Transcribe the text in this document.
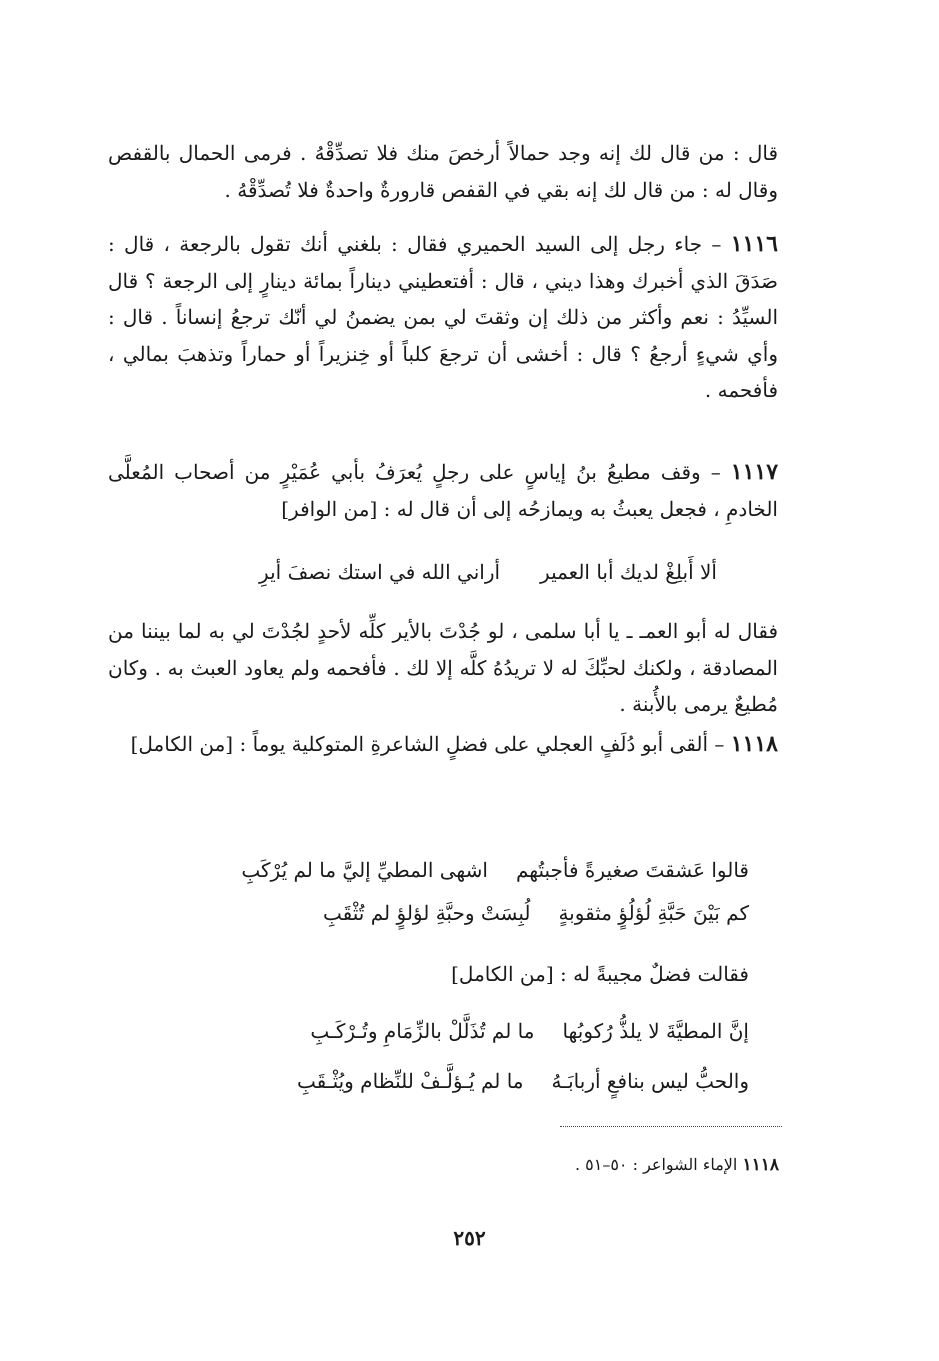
قال : من قال لك إنه وجد حمالاً أرخصَ منك فلا تصدِّقْهُ . فرمى الحمال بالقفص وقال له : من قال لك إنه بقي في القفص قارورةٌ واحدةٌ فلا تُصدِّقْهُ .

١١١٦ – جاء رجل إلى السيد الحميري فقال : بلغني أنك تقول بالرجعة ، قال : صَدَقَ الذي أخبرك وهذا ديني ، قال : أفتعطيني ديناراً بمائة دينارٍ إلى الرجعة ؟ قال السيِّدُ : نعم وأكثر من ذلك إن وثقتَ لي بمن يضمنُ لي أنّك ترجعُ إنساناً . قال : وأي شيءٍ أرجعُ ؟ قال : أخشى أن ترجعَ كلباً أو خِنزيراً أو حماراً وتذهبَ بمالي ، فأفحمه .

١١١٧ – وقف مطيعُ بنُ إياسٍ على رجلٍ يُعرَفُ بأبي عُمَيْرٍ من أصحاب المُعلَّى الخادمِ ، فجعل يعبثُ به ويمازحُه إلى أن قال له : [من الوافر]

ألا أَبلِغْ لديك أبا العمير
أراني الله في استك نصفَ أيرِ

فقال له أبو العمـ ـ يا أبا سلمى ، لو جُدْتَ بالأير كلِّه لأحدٍ لجُدْتَ لي به لما بيننا من المصادقة ، ولكنك لحبِّكَ له لا تريدُهُ كلَّه إلا لك . فأفحمه ولم يعاود العبث به . وكان مُطيعٌ يرمى بالأُبنة .

١١١٨ – ألقى أبو دُلَفٍ العجلي على فضلٍ الشاعرةِ المتوكلية يوماً : [من الكامل]

قالوا عَشقتَ صغيرةً فأجبتُهم
اشهى المطيِّ إليَّ ما لم يُرْكَبِ
كم بَيْنَ حَبَّةِ لُؤلُؤٍ مثقوبةٍ
لُبِسَتْ وحبَّةِ لؤلؤٍ لم تُثْقَبِ
فقالت فضلٌ مجيبةً له : [من الكامل]
إنَّ المطيَّةَ لا يلذُّ رُكوبُها
ما لم تُذَلَّلْ بالزِّمَامِ وتُـرْكَـبِ
والحبُّ ليس بنافعٍ أربابَـهُ
ما لم يُـؤلَّـفْ للنِّظام ويُثْـقَبِ
١١١٨ الإماء الشواعر : ٥٠–٥١ .
٢٥٢
